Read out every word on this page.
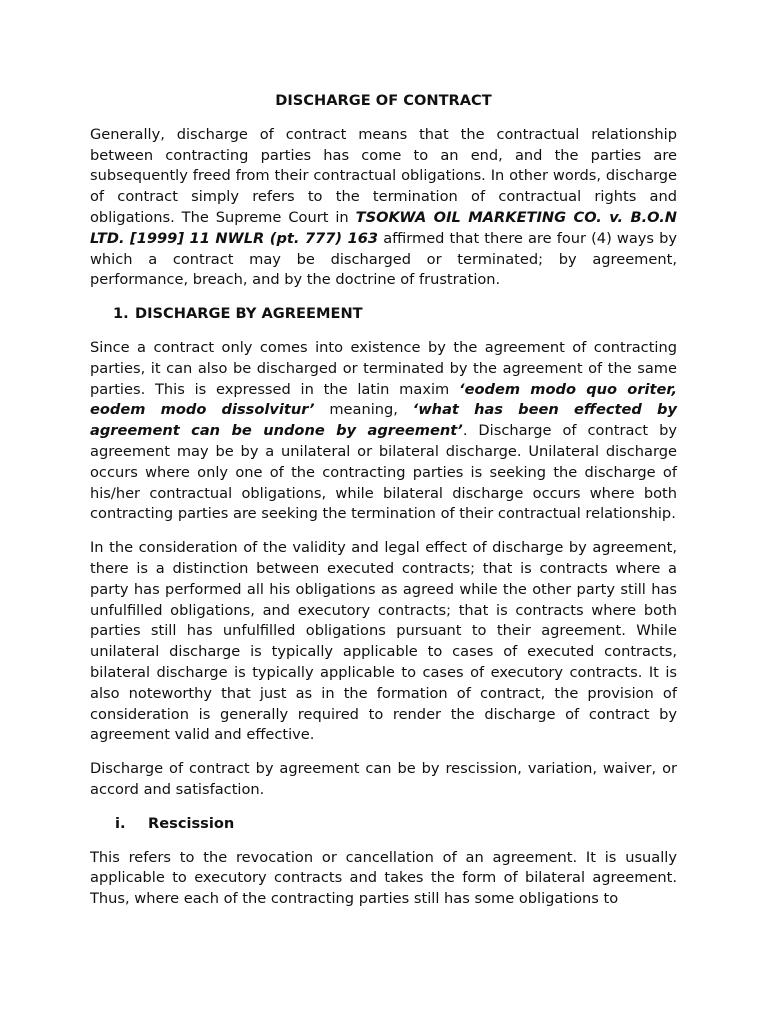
DISCHARGE OF CONTRACT

Generally, discharge of contract means that the contractual relationship between contracting parties has come to an end, and the parties are subsequently freed from their contractual obligations. In other words, discharge of contract simply refers to the termination of contractual rights and obligations. The Supreme Court in TSOKWA OIL MARKETING CO. v. B.O.N LTD. [1999] 11 NWLR (pt. 777) 163 affirmed that there are four (4) ways by which a contract may be discharged or terminated; by agreement, performance, breach, and by the doctrine of frustration.

1. DISCHARGE BY AGREEMENT

Since a contract only comes into existence by the agreement of contracting parties, it can also be discharged or terminated by the agreement of the same parties. This is expressed in the latin maxim ‘eodem modo quo oriter, eodem modo dissolvitur’ meaning, ‘what has been effected by agreement can be undone by agreement’. Discharge of contract by agreement may be by a unilateral or bilateral discharge. Unilateral discharge occurs where only one of the contracting parties is seeking the discharge of his/her contractual obligations, while bilateral discharge occurs where both contracting parties are seeking the termination of their contractual relationship.

In the consideration of the validity and legal effect of discharge by agreement, there is a distinction between executed contracts; that is contracts where a party has performed all his obligations as agreed while the other party still has unfulfilled obligations, and executory contracts; that is contracts where both parties still has unfulfilled obligations pursuant to their agreement. While unilateral discharge is typically applicable to cases of executed contracts, bilateral discharge is typically applicable to cases of executory contracts. It is also noteworthy that just as in the formation of contract, the provision of consideration is generally required to render the discharge of contract by agreement valid and effective.

Discharge of contract by agreement can be by rescission, variation, waiver, or accord and satisfaction.

i. Rescission

This refers to the revocation or cancellation of an agreement. It is usually applicable to executory contracts and takes the form of bilateral agreement. Thus, where each of the contracting parties still has some obligations to
